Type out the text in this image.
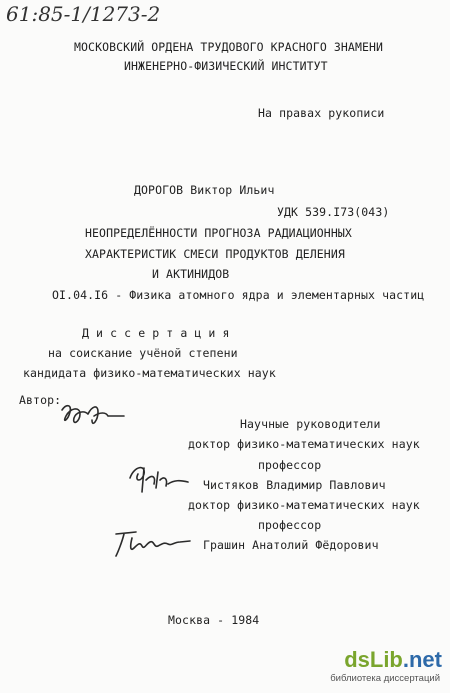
61:85-1/1273-2
МОСКОВСКИЙ ОРДЕНА ТРУДОВОГО КРАСНОГО ЗНАМЕНИ
ИНЖЕНЕРНО-ФИЗИЧЕСКИЙ ИНСТИТУТ
На правах рукописи
ДОРОГОВ Виктор Ильич
УДК 539.I73(043)
НЕОПРЕДЕЛЁННОСТИ ПРОГНОЗА РАДИАЦИОННЫХ
ХАРАКТЕРИСТИК СМЕСИ ПРОДУКТОВ ДЕЛЕНИЯ
И АКТИНИДОВ
OI.04.I6 - Физика атомного ядра и элементарных частиц
Д и с с е р т а ц и я
на соискание учёной степени
кандидата физико-математических наук
Автор:
Научные руководители
доктор физико-математических наук
профессор
Чистяков Владимир Павлович
доктор физико-математических наук
профессор
Грашин Анатолий Фёдорович
Москва - 1984
dsLib.net
библиотека диссертаций
